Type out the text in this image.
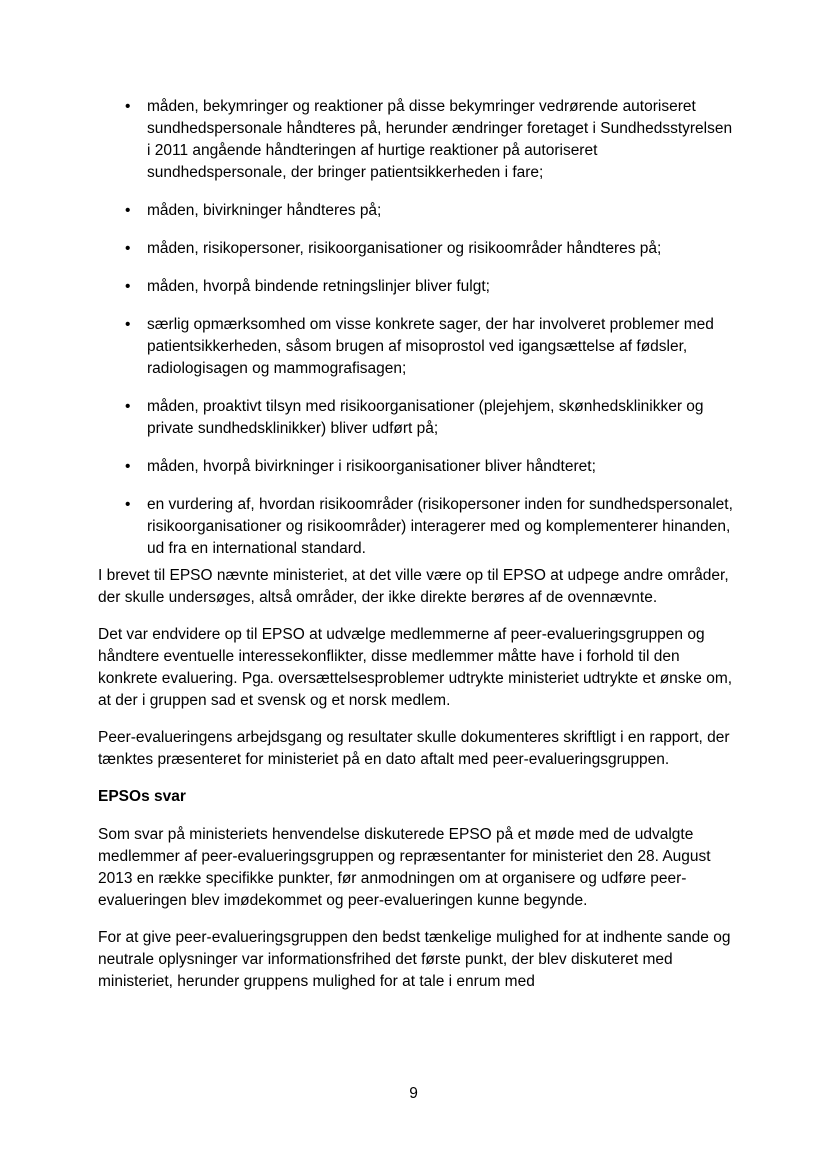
• måden, bekymringer og reaktioner på disse bekymringer vedrørende autoriseret sundhedspersonale håndteres på, herunder ændringer foretaget i Sundhedsstyrelsen i 2011 angående håndteringen af hurtige reaktioner på autoriseret sundhedspersonale, der bringer patientsikkerheden i fare;
• måden, bivirkninger håndteres på;
• måden, risikopersoner, risikoorganisationer og risikoområder håndteres på;
• måden, hvorpå bindende retningslinjer bliver fulgt;
• særlig opmærksomhed om visse konkrete sager, der har involveret problemer med patientsikkerheden, såsom brugen af misoprostol ved igangsættelse af fødsler, radiologisagen og mammografisagen;
• måden, proaktivt tilsyn med risikoorganisationer (plejehjem, skønhedsklinikker og private sundhedsklinikker) bliver udført på;
• måden, hvorpå bivirkninger i risikoorganisationer bliver håndteret;
• en vurdering af, hvordan risikoområder (risikopersoner inden for sundhedspersonalet, risikoorganisationer og risikoområder) interagerer med og komplementerer hinanden, ud fra en international standard.

I brevet til EPSO nævnte ministeriet, at det ville være op til EPSO at udpege andre områder, der skulle undersøges, altså områder, der ikke direkte berøres af de ovennævnte.

Det var endvidere op til EPSO at udvælge medlemmerne af peer-evalueringsgruppen og håndtere eventuelle interessekonflikter, disse medlemmer måtte have i forhold til den konkrete evaluering. Pga. oversættelsesproblemer udtrykte ministeriet udtrykte et ønske om, at der i gruppen sad et svensk og et norsk medlem.

Peer-evalueringens arbejdsgang og resultater skulle dokumenteres skriftligt i en rapport, der tænktes præsenteret for ministeriet på en dato aftalt med peer-evalueringsgruppen.

EPSOs svar

Som svar på ministeriets henvendelse diskuterede EPSO på et møde med de udvalgte medlemmer af peer-evalueringsgruppen og repræsentanter for ministeriet den 28. August 2013 en række specifikke punkter, før anmodningen om at organisere og udføre peer-evalueringen blev imødekommet og peer-evalueringen kunne begynde.

For at give peer-evalueringsgruppen den bedst tænkelige mulighed for at indhente sande og neutrale oplysninger var informationsfrihed det første punkt, der blev diskuteret med ministeriet, herunder gruppens mulighed for at tale i enrum med

9
